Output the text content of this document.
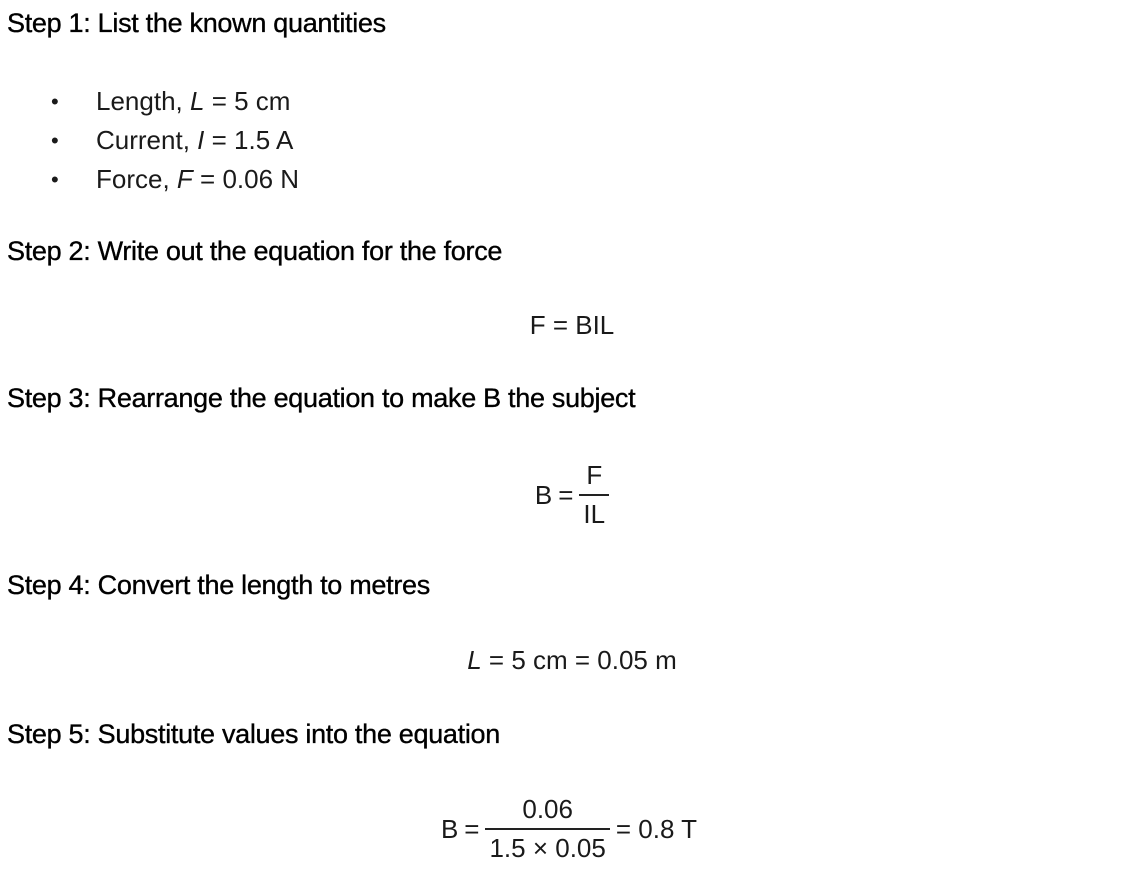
Step 1: List the known quantities
• Length, L = 5 cm
• Current, I = 1.5 A
• Force, F = 0.06 N
Step 2: Write out the equation for the force
F = BIL
Step 3: Rearrange the equation to make B the subject
$B = \frac{F}{IL}$
Step 4: Convert the length to metres
L = 5 cm = 0.05 m
Step 5: Substitute values into the equation
$B = \frac{0.06}{1.5 \times 0.05} = 0.8$ T
